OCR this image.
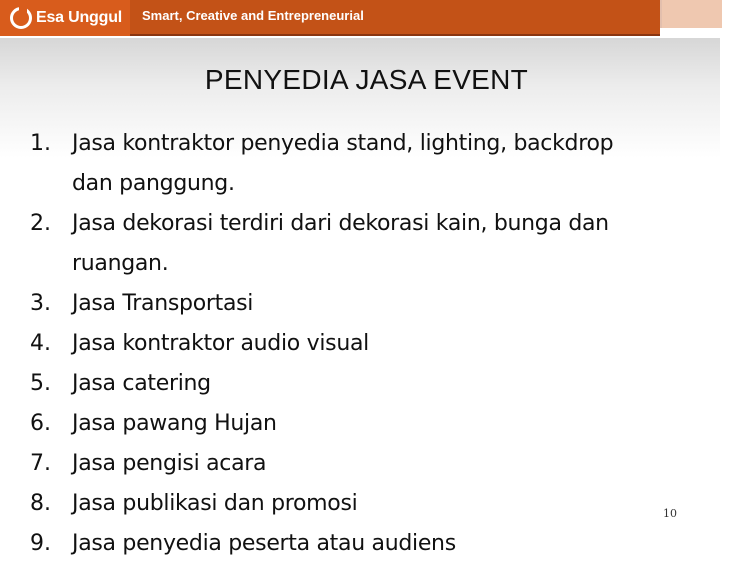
Esa Unggul Smart, Creative and Entrepreneurial
PENYEDIA JASA EVENT
1. Jasa kontraktor penyedia stand, lighting, backdrop
dan panggung.
2. Jasa dekorasi terdiri dari dekorasi kain, bunga dan
ruangan.
3. Jasa Transportasi
4. Jasa kontraktor audio visual
5. Jasa catering
6. Jasa pawang Hujan
7. Jasa pengisi acara
8. Jasa publikasi dan promosi
9. Jasa penyedia peserta atau audiens
10
